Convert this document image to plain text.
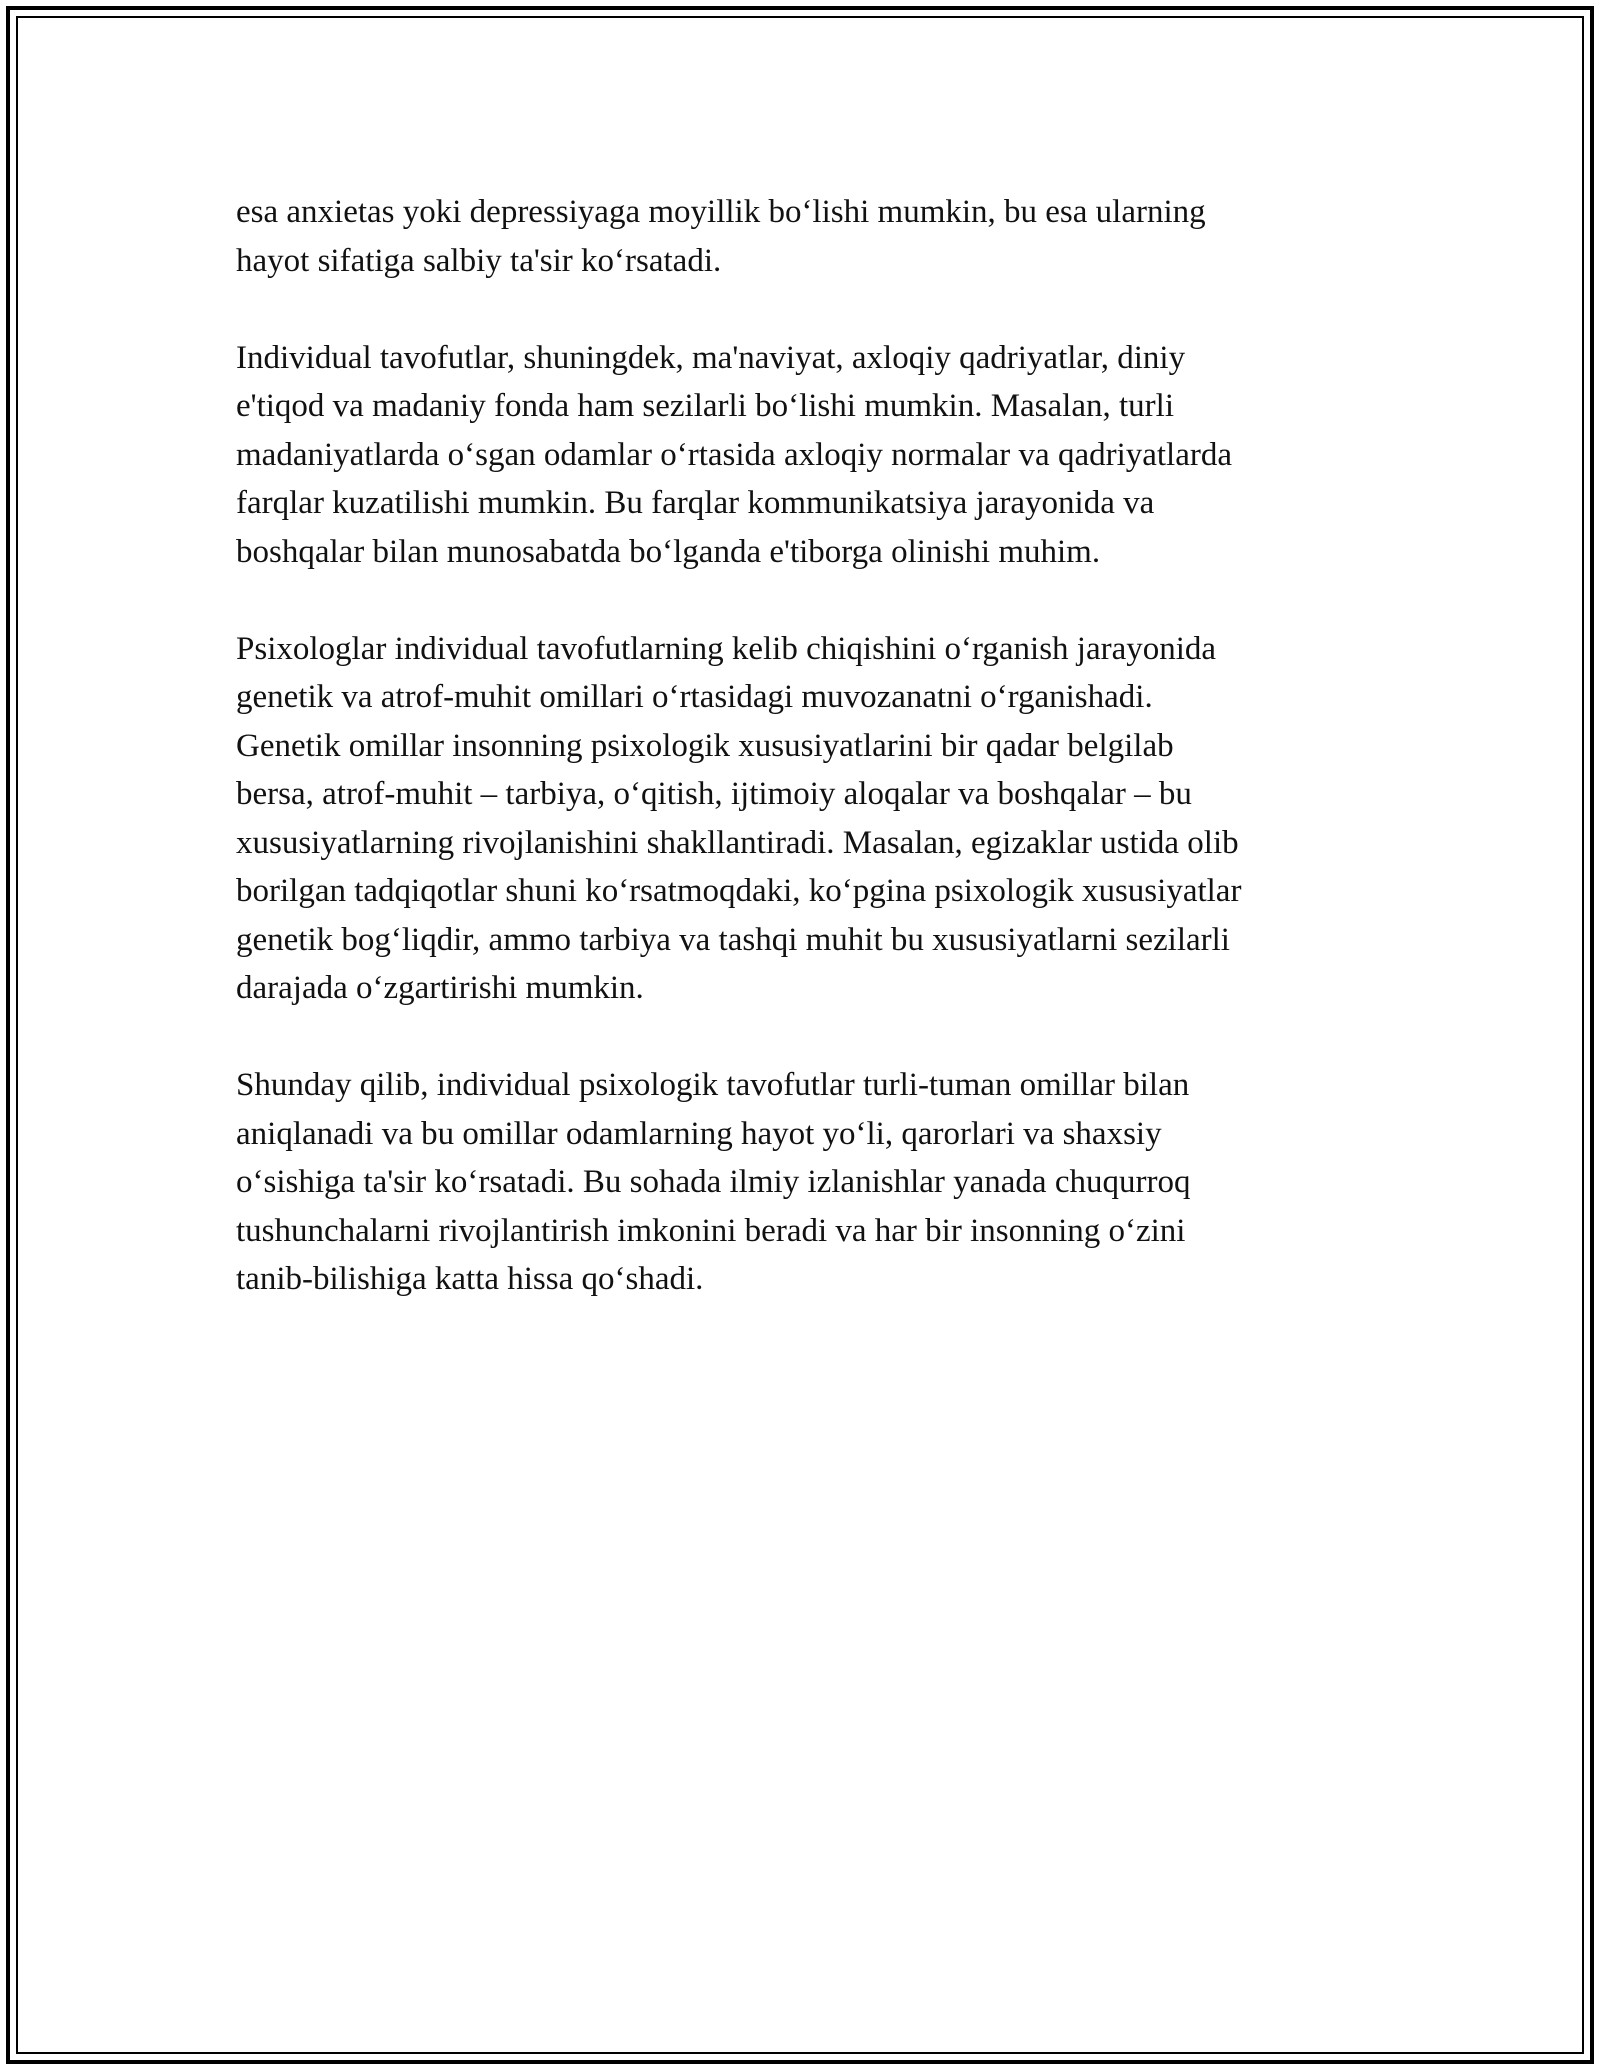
esa anxietas yoki depressiyaga moyillik bo‘lishi mumkin, bu esa ularning
hayot sifatiga salbiy ta'sir ko‘rsatadi.

Individual tavofutlar, shuningdek, ma'naviyat, axloqiy qadriyatlar, diniy
e'tiqod va madaniy fonda ham sezilarli bo‘lishi mumkin. Masalan, turli
madaniyatlarda o‘sgan odamlar o‘rtasida axloqiy normalar va qadriyatlarda
farqlar kuzatilishi mumkin. Bu farqlar kommunikatsiya jarayonida va
boshqalar bilan munosabatda bo‘lganda e'tiborga olinishi muhim.

Psixologlar individual tavofutlarning kelib chiqishini o‘rganish jarayonida
genetik va atrof-muhit omillari o‘rtasidagi muvozanatni o‘rganishadi.
Genetik omillar insonning psixologik xususiyatlarini bir qadar belgilab
bersa, atrof-muhit – tarbiya, o‘qitish, ijtimoiy aloqalar va boshqalar – bu
xususiyatlarning rivojlanishini shakllantiradi. Masalan, egizaklar ustida olib
borilgan tadqiqotlar shuni ko‘rsatmoqdaki, ko‘pgina psixologik xususiyatlar
genetik bog‘liqdir, ammo tarbiya va tashqi muhit bu xususiyatlarni sezilarli
darajada o‘zgartirishi mumkin.

Shunday qilib, individual psixologik tavofutlar turli-tuman omillar bilan
aniqlanadi va bu omillar odamlarning hayot yo‘li, qarorlari va shaxsiy
o‘sishiga ta'sir ko‘rsatadi. Bu sohada ilmiy izlanishlar yanada chuqurroq
tushunchalarni rivojlantirish imkonini beradi va har bir insonning o‘zini
tanib-bilishiga katta hissa qo‘shadi.
